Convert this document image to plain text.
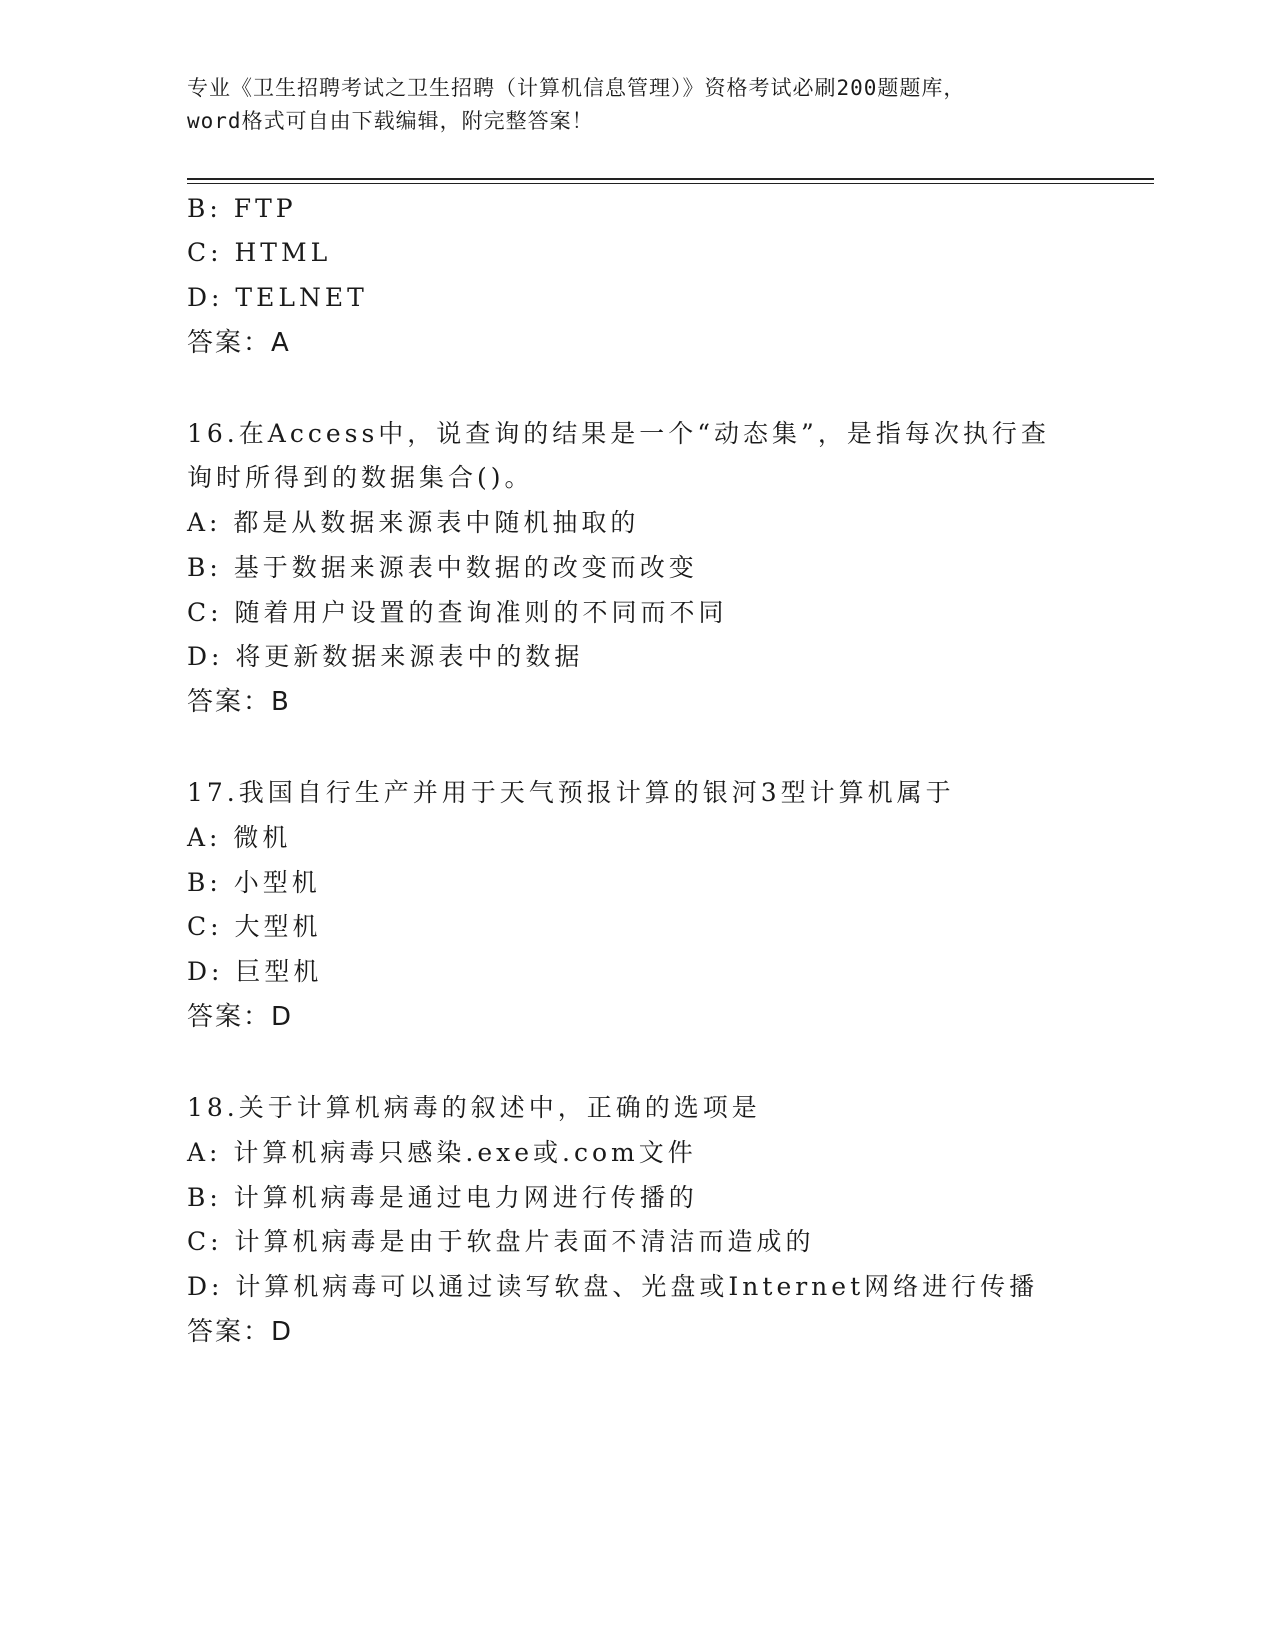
专业《卫生招聘考试之卫生招聘（计算机信息管理）》资格考试必刷200题题库，
word格式可自由下载编辑，附完整答案！
B: FTP
C: HTML
D: TELNET
答案：A
16.在Access中，说查询的结果是一个“动态集”，是指每次执行查
询时所得到的数据集合()。
A: 都是从数据来源表中随机抽取的
B: 基于数据来源表中数据的改变而改变
C: 随着用户设置的查询准则的不同而不同
D: 将更新数据来源表中的数据
答案：B
17.我国自行生产并用于天气预报计算的银河3型计算机属于
A: 微机
B: 小型机
C: 大型机
D: 巨型机
答案：D
18.关于计算机病毒的叙述中，正确的选项是
A: 计算机病毒只感染.exe或.com文件
B: 计算机病毒是通过电力网进行传播的
C: 计算机病毒是由于软盘片表面不清洁而造成的
D: 计算机病毒可以通过读写软盘、光盘或Internet网络进行传播
答案：D
